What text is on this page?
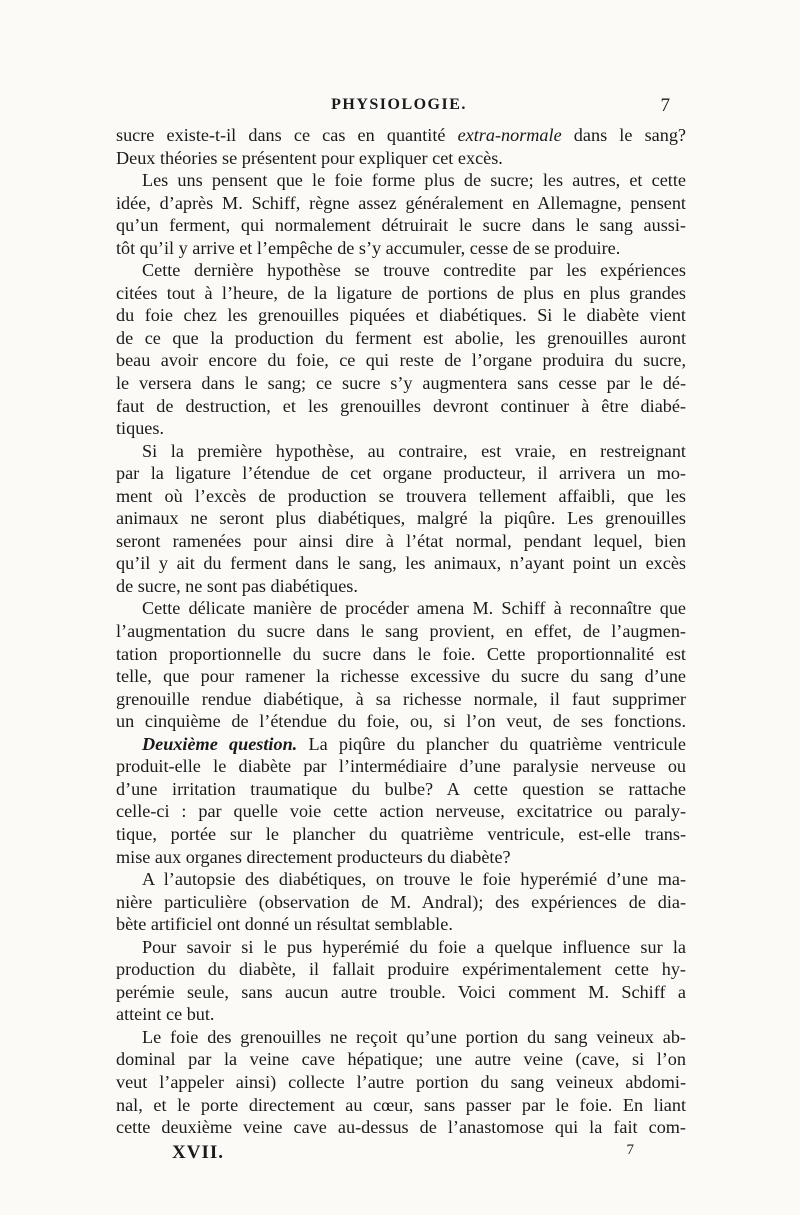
PHYSIOLOGIE.	7
sucre existe-t-il dans ce cas en quantité extra-normale dans le sang?
Deux théories se présentent pour expliquer cet excès.
Les uns pensent que le foie forme plus de sucre; les autres, et cette
idée, d’après M. Schiff, règne assez généralement en Allemagne, pensent
qu’un ferment, qui normalement détruirait le sucre dans le sang aussi-
tôt qu’il y arrive et l’empêche de s’y accumuler, cesse de se produire.
Cette dernière hypothèse se trouve contredite par les expériences
citées tout à l’heure, de la ligature de portions de plus en plus grandes
du foie chez les grenouilles piquées et diabétiques. Si le diabète vient
de ce que la production du ferment est abolie, les grenouilles auront
beau avoir encore du foie, ce qui reste de l’organe produira du sucre,
le versera dans le sang; ce sucre s’y augmentera sans cesse par le dé-
faut de destruction, et les grenouilles devront continuer à être diabé-
tiques.
Si la première hypothèse, au contraire, est vraie, en restreignant
par la ligature l’étendue de cet organe producteur, il arrivera un mo-
ment où l’excès de production se trouvera tellement affaibli, que les
animaux ne seront plus diabétiques, malgré la piqûre. Les grenouilles
seront ramenées pour ainsi dire à l’état normal, pendant lequel, bien
qu’il y ait du ferment dans le sang, les animaux, n’ayant point un excès
de sucre, ne sont pas diabétiques.
Cette délicate manière de procéder amena M. Schiff à reconnaître que
l’augmentation du sucre dans le sang provient, en effet, de l’augmen-
tation proportionnelle du sucre dans le foie. Cette proportionnalité est
telle, que pour ramener la richesse excessive du sucre du sang d’une
grenouille rendue diabétique, à sa richesse normale, il faut supprimer
un cinquième de l’étendue du foie, ou, si l’on veut, de ses fonctions.
Deuxième question. La piqûre du plancher du quatrième ventricule
produit-elle le diabète par l’intermédiaire d’une paralysie nerveuse ou
d’une irritation traumatique du bulbe? A cette question se rattache
celle-ci : par quelle voie cette action nerveuse, excitatrice ou paraly-
tique, portée sur le plancher du quatrième ventricule, est-elle trans-
mise aux organes directement producteurs du diabète?
A l’autopsie des diabétiques, on trouve le foie hyperémié d’une ma-
nière particulière (observation de M. Andral); des expériences de dia-
bète artificiel ont donné un résultat semblable.
Pour savoir si le pus hyperémié du foie a quelque influence sur la
production du diabète, il fallait produire expérimentalement cette hy-
perémie seule, sans aucun autre trouble. Voici comment M. Schiff a
atteint ce but.
Le foie des grenouilles ne reçoit qu’une portion du sang veineux ab-
dominal par la veine cave hépatique; une autre veine (cave, si l’on
veut l’appeler ainsi) collecte l’autre portion du sang veineux abdomi-
nal, et le porte directement au cœur, sans passer par le foie. En liant
cette deuxième veine cave au-dessus de l’anastomose qui la fait com-
XVII.	7
